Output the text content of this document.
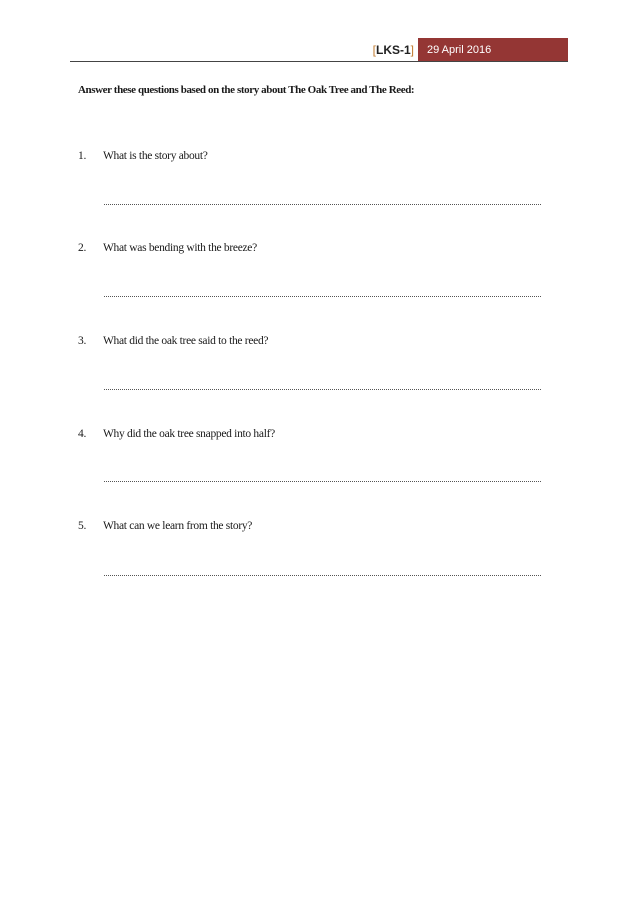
[LKS-1]	29 April 2016
Answer these questions based on the story about The Oak Tree and The Reed:
1. What is the story about?
2. What was bending with the breeze?
3. What did the oak tree said to the reed?
4. Why did the oak tree snapped into half?
5. What can we learn from the story?
